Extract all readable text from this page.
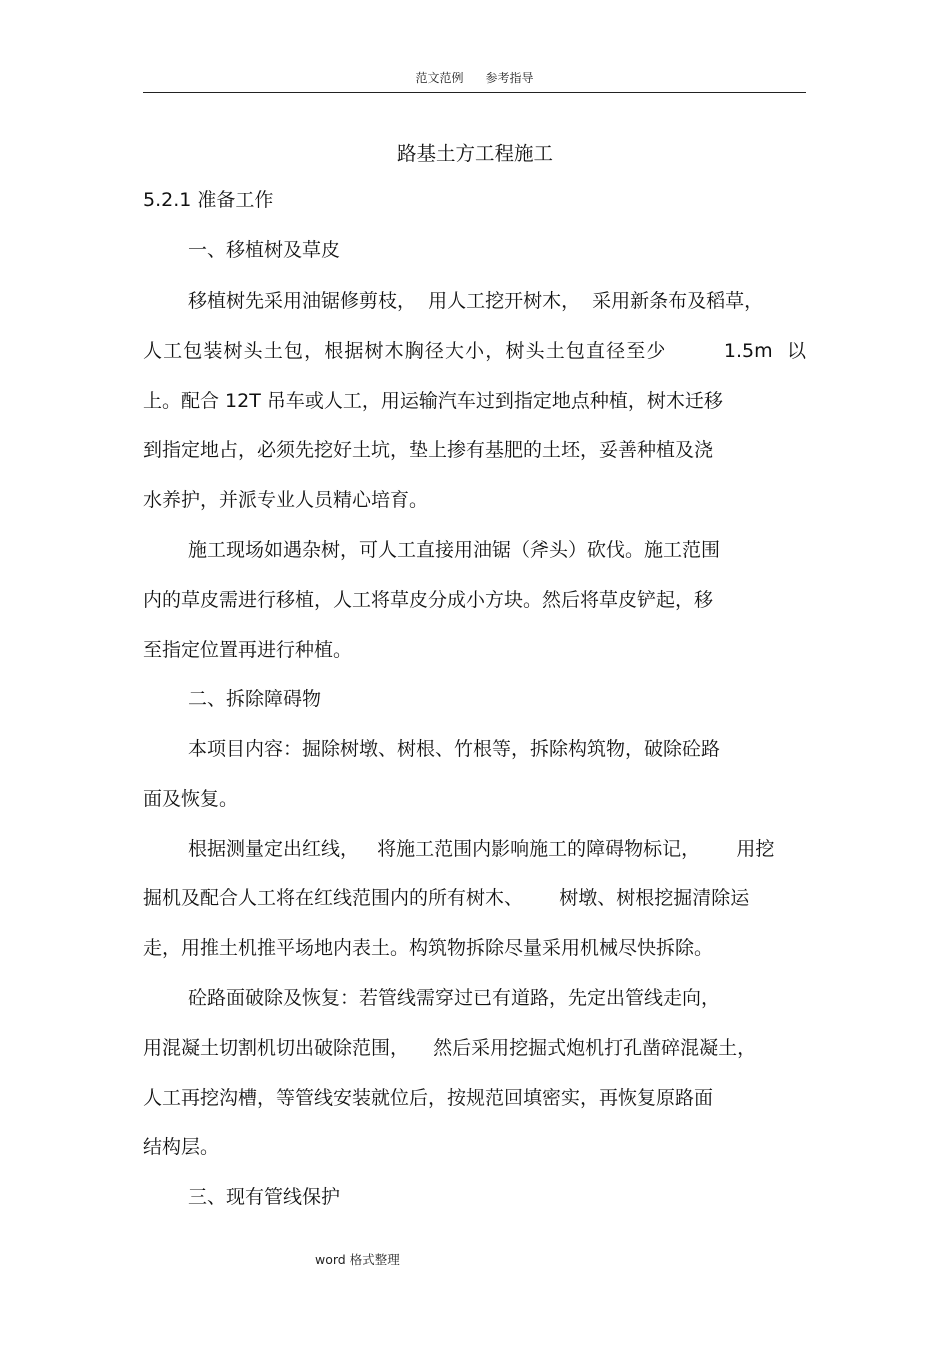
范文范例 参考指导
路基土方工程施工
5.2.1 准备工作
一、移植树及草皮
移植树先采用油锯修剪枝，  用人工挖开树木，  采用新条布及稻草，
人工包装树头土包，根据树木胸径大小，树头土包直径至少        1.5m  以
上。配合 12T 吊车或人工，用运输汽车过到指定地点种植，树木迁移
到指定地占，必须先挖好土坑，垫上掺有基肥的土坯，妥善种植及浇
水养护，并派专业人员精心培育。
施工现场如遇杂树，可人工直接用油锯（斧头）砍伐。施工范围
内的草皮需进行移植，人工将草皮分成小方块。然后将草皮铲起，移
至指定位置再进行种植。
二、拆除障碍物
本项目内容：掘除树墩、树根、竹根等，拆除构筑物，破除砼路
面及恢复。
根据测量定出红线，   将施工范围内影响施工的障碍物标记，      用挖
掘机及配合人工将在红线范围内的所有树木、      树墩、树根挖掘清除运
走，用推土机推平场地内表土。构筑物拆除尽量采用机械尽快拆除。
砼路面破除及恢复：若管线需穿过已有道路，先定出管线走向，
用混凝土切割机切出破除范围，    然后采用挖掘式炮机打孔凿碎混凝土，
人工再挖沟槽，等管线安装就位后，按规范回填密实，再恢复原路面
结构层。
三、现有管线保护
word 格式整理
